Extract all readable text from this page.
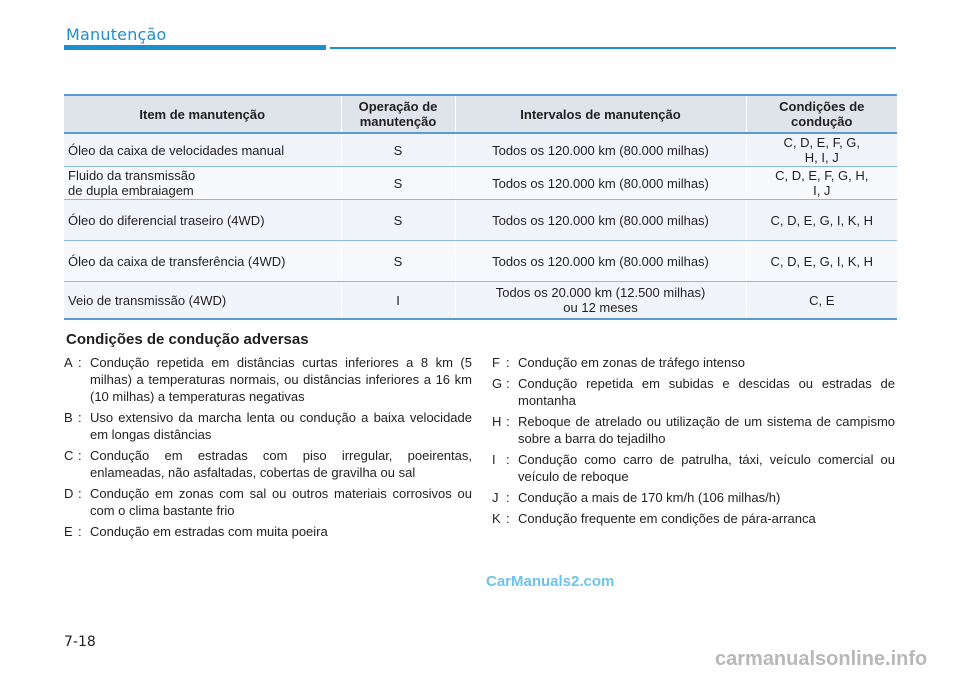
Manutenção
Item de manutenção	Operação de
manutenção	Intervalos de manutenção	Condições de
condução
Óleo da caixa de velocidades manual	S	Todos os 120.000 km (80.000 milhas)	C, D, E, F, G,
H, I, J
Fluido da transmissão
de dupla embraiagem	S	Todos os 120.000 km (80.000 milhas)	C, D, E, F, G, H,
I, J
Óleo do diferencial traseiro (4WD)	S	Todos os 120.000 km (80.000 milhas)	C, D, E, G, I, K, H
Óleo da caixa de transferência (4WD)	S	Todos os 120.000 km (80.000 milhas)	C, D, E, G, I, K, H
Veio de transmissão (4WD)	I	Todos os 20.000 km (12.500 milhas)
ou 12 meses	C, E
Condições de condução adversas
A : Condução repetida em distâncias curtas inferiores a 8 km (5 milhas) a temperaturas normais, ou distâncias inferiores a 16 km (10 milhas) a temperaturas negativas
B : Uso extensivo da marcha lenta ou condução a baixa velocidade em longas distâncias
C : Condução em estradas com piso irregular, poeirentas, enlameadas, não asfaltadas, cobertas de gravilha ou sal
D : Condução em zonas com sal ou outros materiais corrosivos ou com o clima bastante frio
E : Condução em estradas com muita poeira
F : Condução em zonas de tráfego intenso
G : Condução repetida em subidas e descidas ou estradas de montanha
H : Reboque de atrelado ou utilização de um sistema de campismo sobre a barra do tejadilho
I : Condução como carro de patrulha, táxi, veículo comercial ou veículo de reboque
J : Condução a mais de 170 km/h (106 milhas/h)
K : Condução frequente em condições de pára-arranca
CarManuals2.com
7-18
carmanualsonline.info
